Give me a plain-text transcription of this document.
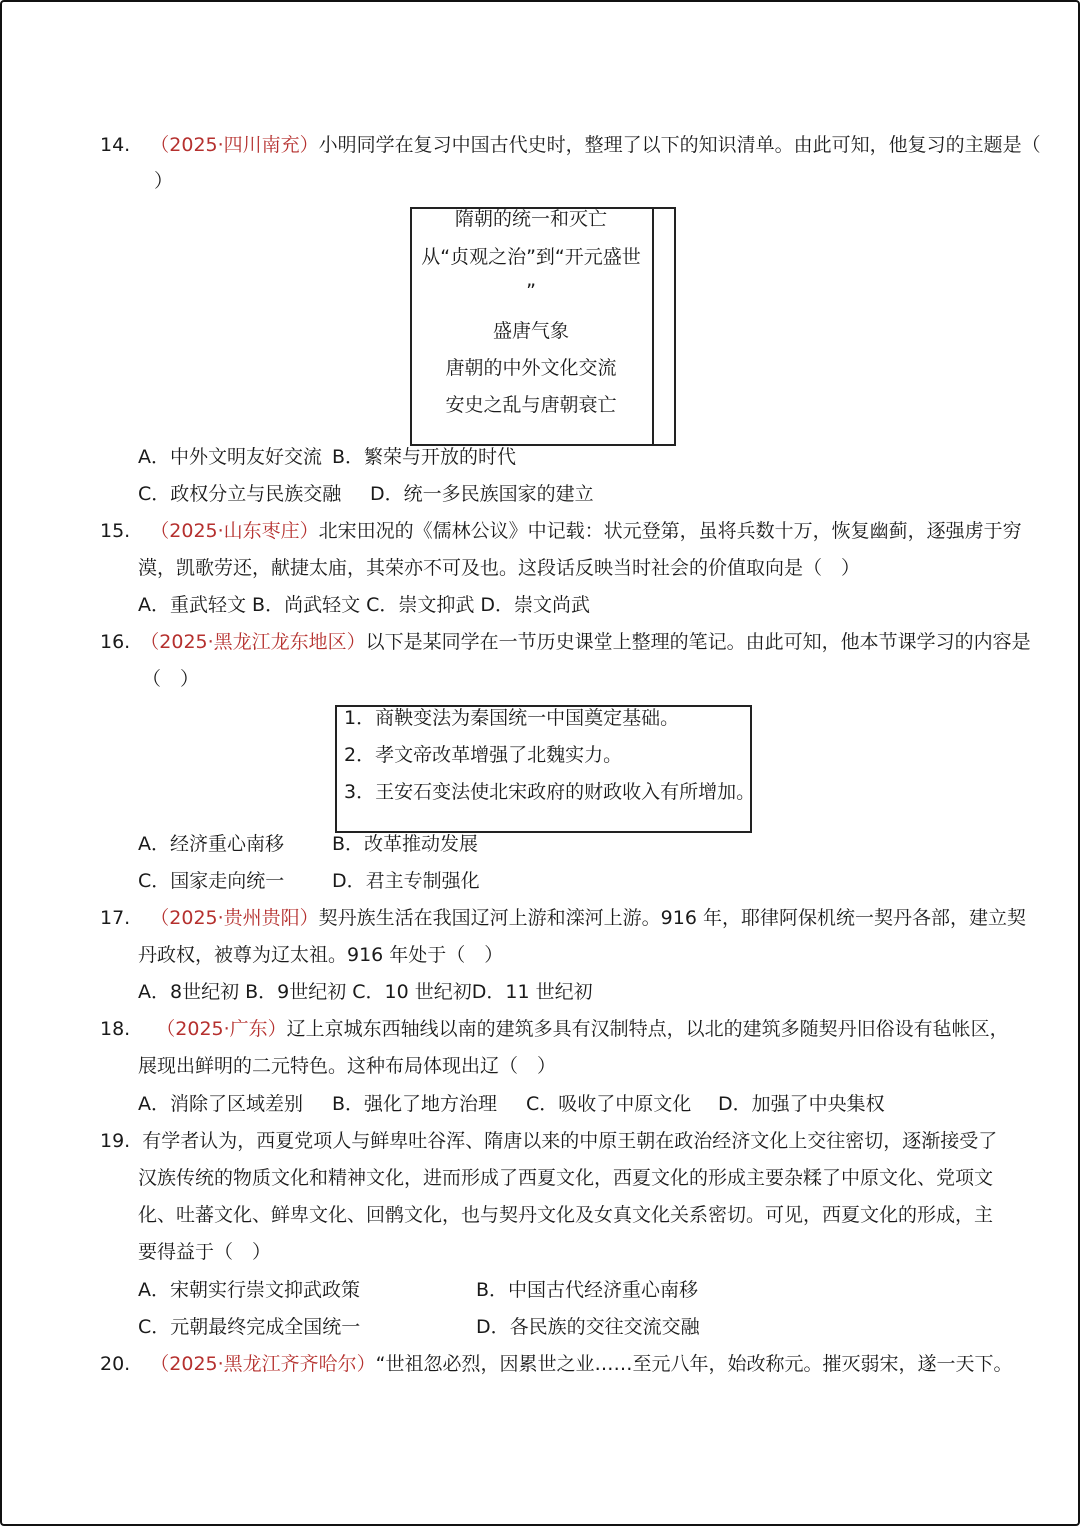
14. （2025·四川南充）小明同学在复习中国古代史时，整理了以下的知识清单。由此可知，他复习的主题是（
）
隋朝的统一和灭亡
从“贞观之治”到“开元盛世
”
盛唐气象
唐朝的中外文化交流
安史之乱与唐朝衰亡
A．中外文明友好交流 B．繁荣与开放的时代
C．政权分立与民族交融 D．统一多民族国家的建立
15. （2025·山东枣庄）北宋田况的《儒林公议》中记载：状元登第，虽将兵数十万，恢复幽蓟，逐强虏于穷
漠，凯歌劳还，献捷太庙，其荣亦不可及也。这段话反映当时社会的价值取向是（　）
A．重武轻文 B．尚武轻文 C．崇文抑武 D．崇文尚武
16. （2025·黑龙江龙东地区）以下是某同学在一节历史课堂上整理的笔记。由此可知，他本节课学习的内容是
（　）
1．商鞅变法为秦国统一中国奠定基础。
2．孝文帝改革增强了北魏实力。
3．王安石变法使北宋政府的财政收入有所增加。
A．经济重心南移	B．改革推动发展
C．国家走向统一	D．君主专制强化
17. （2025·贵州贵阳）契丹族生活在我国辽河上游和滦河上游。916 年，耶律阿保机统一契丹各部，建立契
丹政权，被尊为辽太祖。916 年处于（　）
A．8世纪初 B．9世纪初 C．10 世纪初D．11 世纪初
18. （2025·广东）辽上京城东西轴线以南的建筑多具有汉制特点，以北的建筑多随契丹旧俗设有毡帐区，
展现出鲜明的二元特色。这种布局体现出辽（　）
A．消除了区域差别 B．强化了地方治理 C．吸收了中原文化 D．加强了中央集权
19. 有学者认为，西夏党项人与鲜卑吐谷浑、隋唐以来的中原王朝在政治经济文化上交往密切，逐渐接受了
汉族传统的物质文化和精神文化，进而形成了西夏文化，西夏文化的形成主要杂糅了中原文化、党项文
化、吐蕃文化、鲜卑文化、回鹘文化，也与契丹文化及女真文化关系密切。可见，西夏文化的形成，主
要得益于（　）
A．宋朝实行崇文抑武政策	B．中国古代经济重心南移
C．元朝最终完成全国统一	D．各民族的交往交流交融
20. （2025·黑龙江齐齐哈尔）“世祖忽必烈，因累世之业……至元八年，始改称元。摧灭弱宋，遂一天下。
